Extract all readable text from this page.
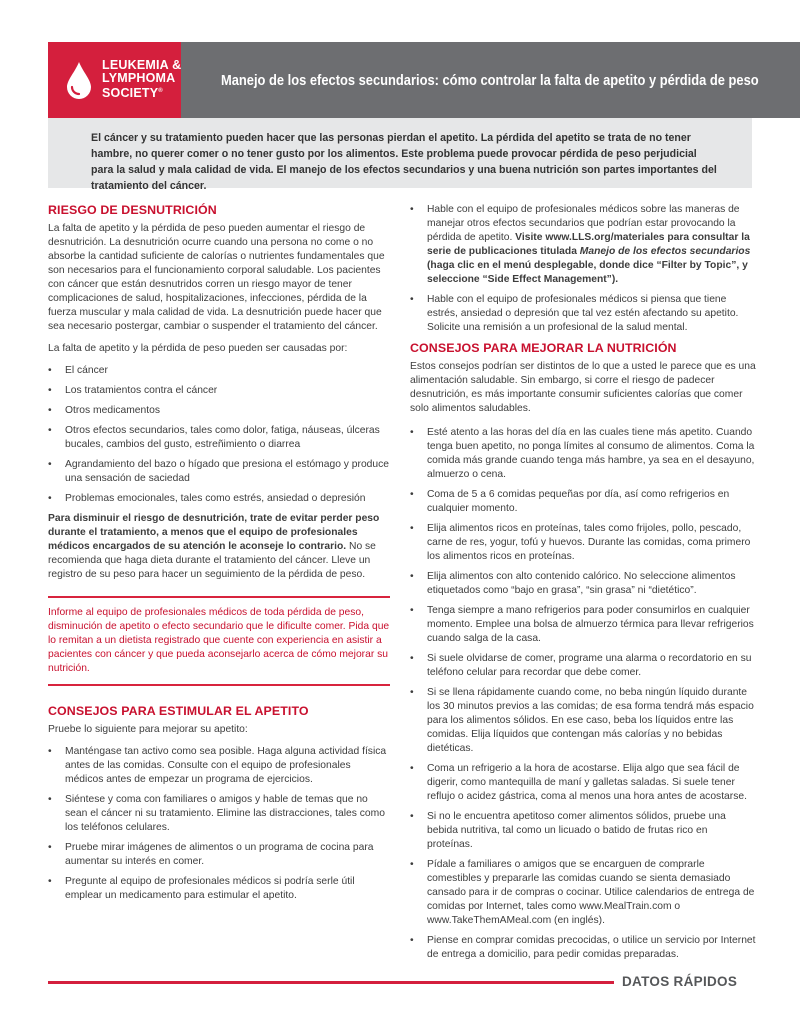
LEUKEMIA &
LYMPHOMA
SOCIETY®
Manejo de los efectos secundarios: cómo controlar la falta de apetito y pérdida de peso
El cáncer y su tratamiento pueden hacer que las personas pierdan el apetito. La pérdida del apetito se trata de no tener hambre, no querer comer o no tener gusto por los alimentos. Este problema puede provocar pérdida de peso perjudicial para la salud y mala calidad de vida. El manejo de los efectos secundarios y una buena nutrición son partes importantes del tratamiento del cáncer.
RIESGO DE DESNUTRICIÓN

La falta de apetito y la pérdida de peso pueden aumentar el riesgo de desnutrición. La desnutrición ocurre cuando una persona no come o no absorbe la cantidad suficiente de calorías o nutrientes fundamentales que son necesarios para el funcionamiento corporal saludable. Los pacientes con cáncer que están desnutridos corren un riesgo mayor de tener complicaciones de salud, hospitalizaciones, infecciones, pérdida de la fuerza muscular y mala calidad de vida. La desnutrición puede hacer que sea necesario postergar, cambiar o suspender el tratamiento del cáncer.

La falta de apetito y la pérdida de peso pueden ser causadas por:

• El cáncer
• Los tratamientos contra el cáncer
• Otros medicamentos
• Otros efectos secundarios, tales como dolor, fatiga, náuseas, úlceras bucales, cambios del gusto, estreñimiento o diarrea
• Agrandamiento del bazo o hígado que presiona el estómago y produce una sensación de saciedad
• Problemas emocionales, tales como estrés, ansiedad o depresión

Para disminuir el riesgo de desnutrición, trate de evitar perder peso durante el tratamiento, a menos que el equipo de profesionales médicos encargados de su atención le aconseje lo contrario. No se recomienda que haga dieta durante el tratamiento del cáncer. Lleve un registro de su peso para hacer un seguimiento de la pérdida de peso.

Informe al equipo de profesionales médicos de toda pérdida de peso, disminución de apetito o efecto secundario que le dificulte comer. Pida que lo remitan a un dietista registrado que cuente con experiencia en asistir a pacientes con cáncer y que pueda aconsejarlo acerca de cómo mejorar su nutrición.
CONSEJOS PARA ESTIMULAR EL APETITO

Pruebe lo siguiente para mejorar su apetito:

• Manténgase tan activo como sea posible. Haga alguna actividad física antes de las comidas. Consulte con el equipo de profesionales médicos antes de empezar un programa de ejercicios.
• Siéntese y coma con familiares o amigos y hable de temas que no sean el cáncer ni su tratamiento. Elimine las distracciones, tales como los teléfonos celulares.
• Pruebe mirar imágenes de alimentos o un programa de cocina para aumentar su interés en comer.
• Pregunte al equipo de profesionales médicos si podría serle útil emplear un medicamento para estimular el apetito.
• Hable con el equipo de profesionales médicos sobre las maneras de manejar otros efectos secundarios que podrían estar provocando la pérdida de apetito. Visite www.LLS.org/materiales para consultar la serie de publicaciones titulada Manejo de los efectos secundarios (haga clic en el menú desplegable, donde dice “Filter by Topic”, y seleccione “Side Effect Management”).
• Hable con el equipo de profesionales médicos si piensa que tiene estrés, ansiedad o depresión que tal vez estén afectando su apetito. Solicite una remisión a un profesional de la salud mental.
CONSEJOS PARA MEJORAR LA NUTRICIÓN

Estos consejos podrían ser distintos de lo que a usted le parece que es una alimentación saludable. Sin embargo, si corre el riesgo de padecer desnutrición, es más importante consumir suficientes calorías que comer solo alimentos saludables.

• Esté atento a las horas del día en las cuales tiene más apetito. Cuando tenga buen apetito, no ponga límites al consumo de alimentos. Coma la comida más grande cuando tenga más hambre, ya sea en el desayuno, almuerzo o cena.
• Coma de 5 a 6 comidas pequeñas por día, así como refrigerios en cualquier momento.
• Elija alimentos ricos en proteínas, tales como frijoles, pollo, pescado, carne de res, yogur, tofú y huevos. Durante las comidas, coma primero los alimentos ricos en proteínas.
• Elija alimentos con alto contenido calórico. No seleccione alimentos etiquetados como “bajo en grasa”, “sin grasa” ni “dietético”.
• Tenga siempre a mano refrigerios para poder consumirlos en cualquier momento. Emplee una bolsa de almuerzo térmica para llevar refrigerios cuando salga de la casa.
• Si suele olvidarse de comer, programe una alarma o recordatorio en su teléfono celular para recordar que debe comer.
• Si se llena rápidamente cuando come, no beba ningún líquido durante los 30 minutos previos a las comidas; de esa forma tendrá más espacio para los alimentos sólidos. En ese caso, beba los líquidos entre las comidas. Elija líquidos que contengan más calorías y no bebidas dietéticas.
• Coma un refrigerio a la hora de acostarse. Elija algo que sea fácil de digerir, como mantequilla de maní y galletas saladas. Si suele tener reflujo o acidez gástrica, coma al menos una hora antes de acostarse.
• Si no le encuentra apetitoso comer alimentos sólidos, pruebe una bebida nutritiva, tal como un licuado o batido de frutas rico en proteínas.
• Pídale a familiares o amigos que se encarguen de comprarle comestibles y prepararle las comidas cuando se sienta demasiado cansado para ir de compras o cocinar. Utilice calendarios de entrega de comidas por Internet, tales como www.MealTrain.com o www.TakeThemAMeal.com (en inglés).
• Piense en comprar comidas precocidas, o utilice un servicio por Internet de entrega a domicilio, para pedir comidas preparadas.
DATOS RÁPIDOS
